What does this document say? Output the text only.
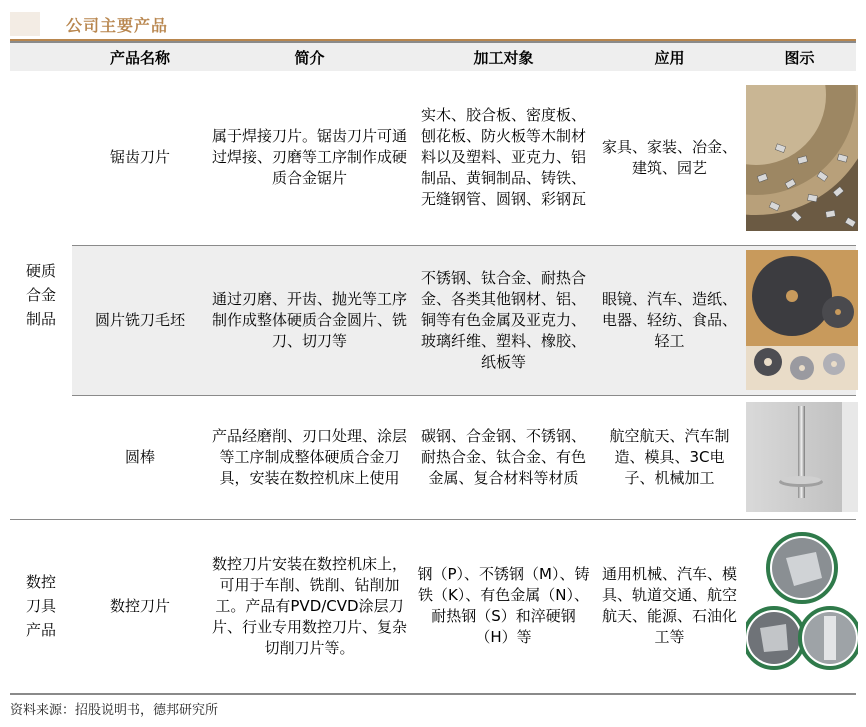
公司主要产品
	产品名称	简介	加工对象	应用	图示
硬质
合金
制品	锯齿刀片	属于焊接刀片。锯齿刀片可通过焊接、刃磨等工序制作成硬质合金锯片	实木、胶合板、密度板、刨花板、防火板等木制材料以及塑料、亚克力、铝制品、黄铜制品、铸铁、无缝钢管、圆钢、彩钢瓦	家具、家装、冶金、建筑、园艺	

	圆片铣刀毛坯	通过刃磨、开齿、抛光等工序制作成整体硬质合金圆片、铣刀、切刀等	不锈钢、钛合金、耐热合金、各类其他钢材、铝、铜等有色金属及亚克力、玻璃纤维、塑料、橡胶、纸板等	眼镜、汽车、造纸、电器、轻纺、食品、轻工	

	圆棒	产品经磨削、刃口处理、涂层等工序制成整体硬质合金刀具，安装在数控机床上使用	碳钢、合金钢、不锈钢、耐热合金、钛合金、有色金属、复合材料等材质	航空航天、汽车制造、模具、3C电子、机械加工	

数控
刀具
产品	数控刀片	数控刀片安装在数控机床上，可用于车削、铣削、钻削加工。产品有PVD/CVD涂层刀片、行业专用数控刀片、复杂切削刀片等。	钢（P）、不锈钢（M）、铸铁（K）、有色金属（N）、耐热钢（S）和淬硬钢（H）等	通用机械、汽车、模具、轨道交通、航空航天、能源、石油化工等	
资料来源：招股说明书，德邦研究所
